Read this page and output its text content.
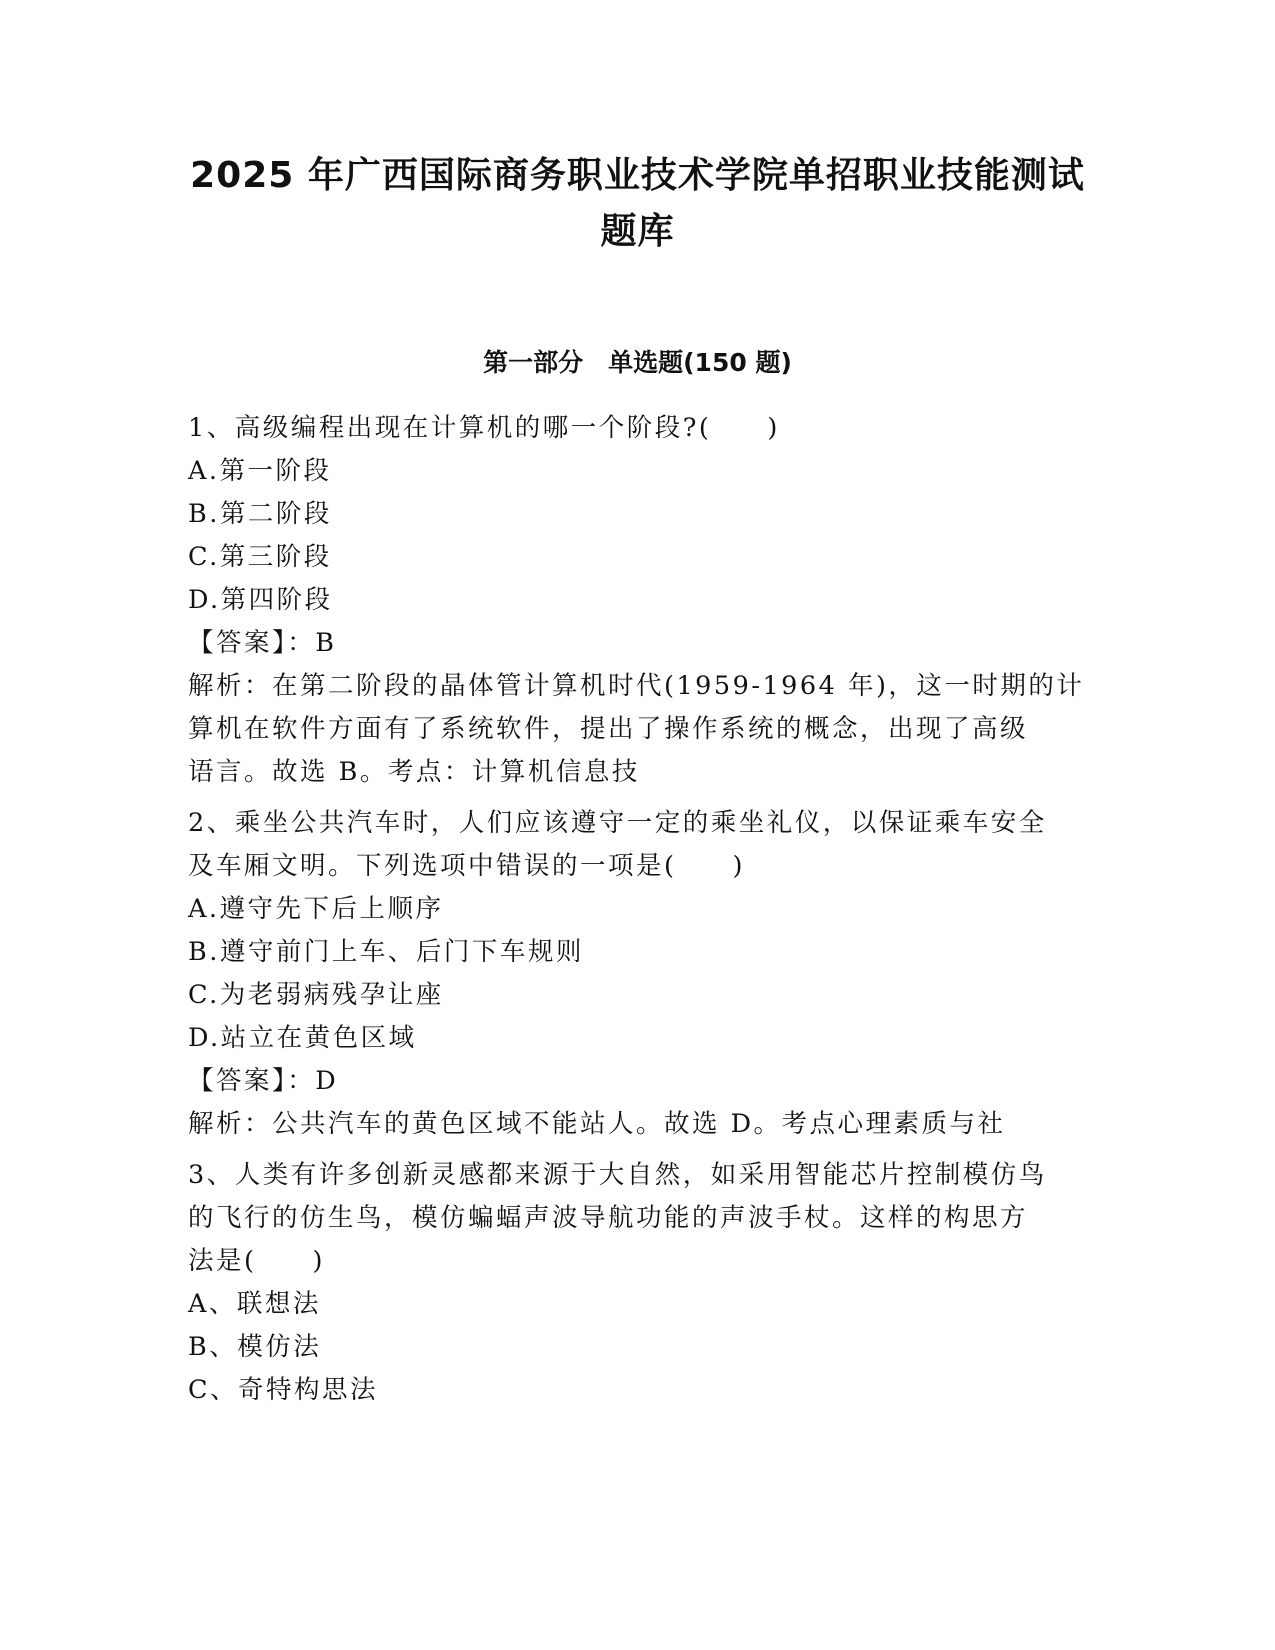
2025 年广西国际商务职业技术学院单招职业技能测试
题库
第一部分　单选题(150 题)

1、高级编程出现在计算机的哪一个阶段?(　　)

A.第一阶段

B.第二阶段

C.第三阶段

D.第四阶段

【答案】：B

解析：在第二阶段的晶体管计算机时代(1959-1964 年)，这一时期的计

算机在软件方面有了系统软件，提出了操作系统的概念，出现了高级

语言。故选 B。考点：计算机信息技

2、乘坐公共汽车时，人们应该遵守一定的乘坐礼仪，以保证乘车安全

及车厢文明。下列选项中错误的一项是(　　)

A.遵守先下后上顺序

B.遵守前门上车、后门下车规则

C.为老弱病残孕让座

D.站立在黄色区域

【答案】：D

解析：公共汽车的黄色区域不能站人。故选 D。考点心理素质与社

3、人类有许多创新灵感都来源于大自然，如采用智能芯片控制模仿鸟

的飞行的仿生鸟，模仿蝙蝠声波导航功能的声波手杖。这样的构思方

法是(　　)

A、联想法

B、模仿法

C、奇特构思法
